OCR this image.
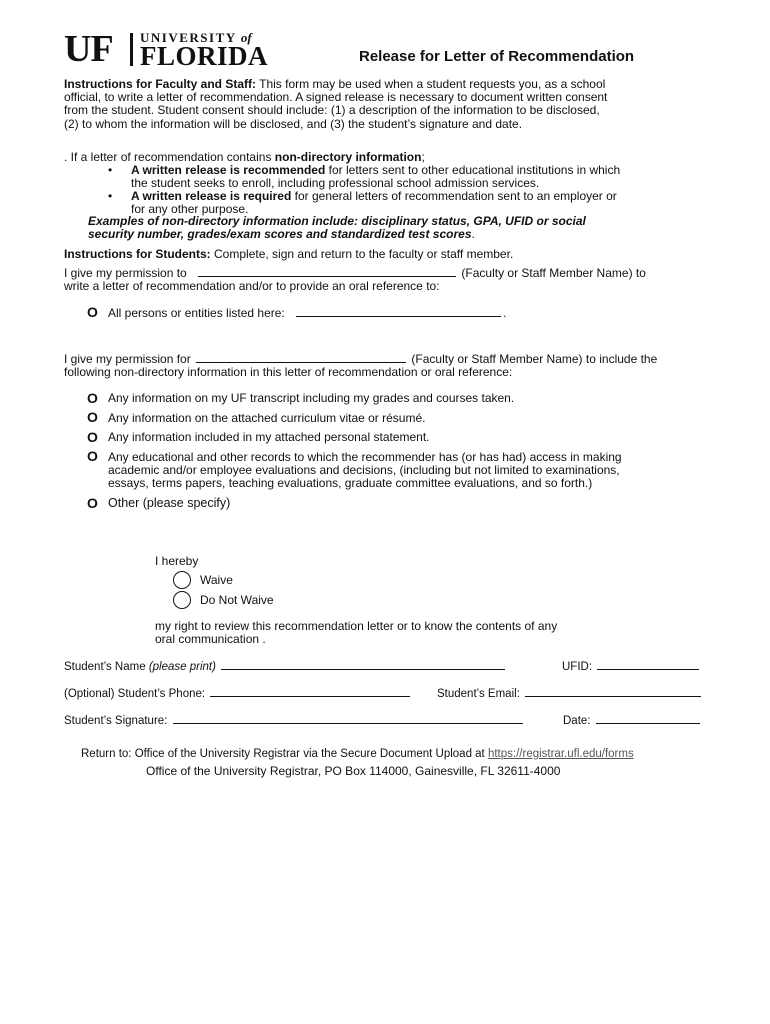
UF UNIVERSITY of
FLORIDA	Release for Letter of Recommendation
Instructions for Faculty and Staff: This form may be used when a student requests you, as a school
official, to write a letter of recommendation. A signed release is necessary to document written consent
from the student. Student consent should include: (1) a description of the information to be disclosed,
(2) to whom the information will be disclosed, and (3) the student’s signature and date.
. If a letter of recommendation contains non-directory information;
• A written release is recommended for letters sent to other educational institutions in which
the student seeks to enroll, including professional school admission services.
• A written release is required for general letters of recommendation sent to an employer or
for any other purpose.
Examples of non-directory information include: disciplinary status, GPA, UFID or social
security number, grades/exam scores and standardized test scores.
Instructions for Students: Complete, sign and return to the faculty or staff member.
I give my permission to	(Faculty or Staff Member Name) to
write a letter of recommendation and/or to provide an oral reference to:
O All persons or entities listed here:	.
I give my permission for	(Faculty or Staff Member Name) to include the
following non-directory information in this letter of recommendation or oral reference:
O Any information on my UF transcript including my grades and courses taken.
O Any information on the attached curriculum vitae or résumé.
O Any information included in my attached personal statement.
O Any educational and other records to which the recommender has (or has had) access in making
academic and/or employee evaluations and decisions, (including but not limited to examinations,
essays, terms papers, teaching evaluations, graduate committee evaluations, and so forth.)
O Other (please specify)
I hereby
Waive
Do Not Waive
my right to review this recommendation letter or to know the contents of any
oral communication .
Student’s Name (please print)	UFID:
(Optional) Student’s Phone:	Student’s Email:
Student’s Signature:	Date:
Return to: Office of the University Registrar via the Secure Document Upload at https://registrar.ufl.edu/forms
Office of the University Registrar, PO Box 114000, Gainesville, FL 32611-4000
